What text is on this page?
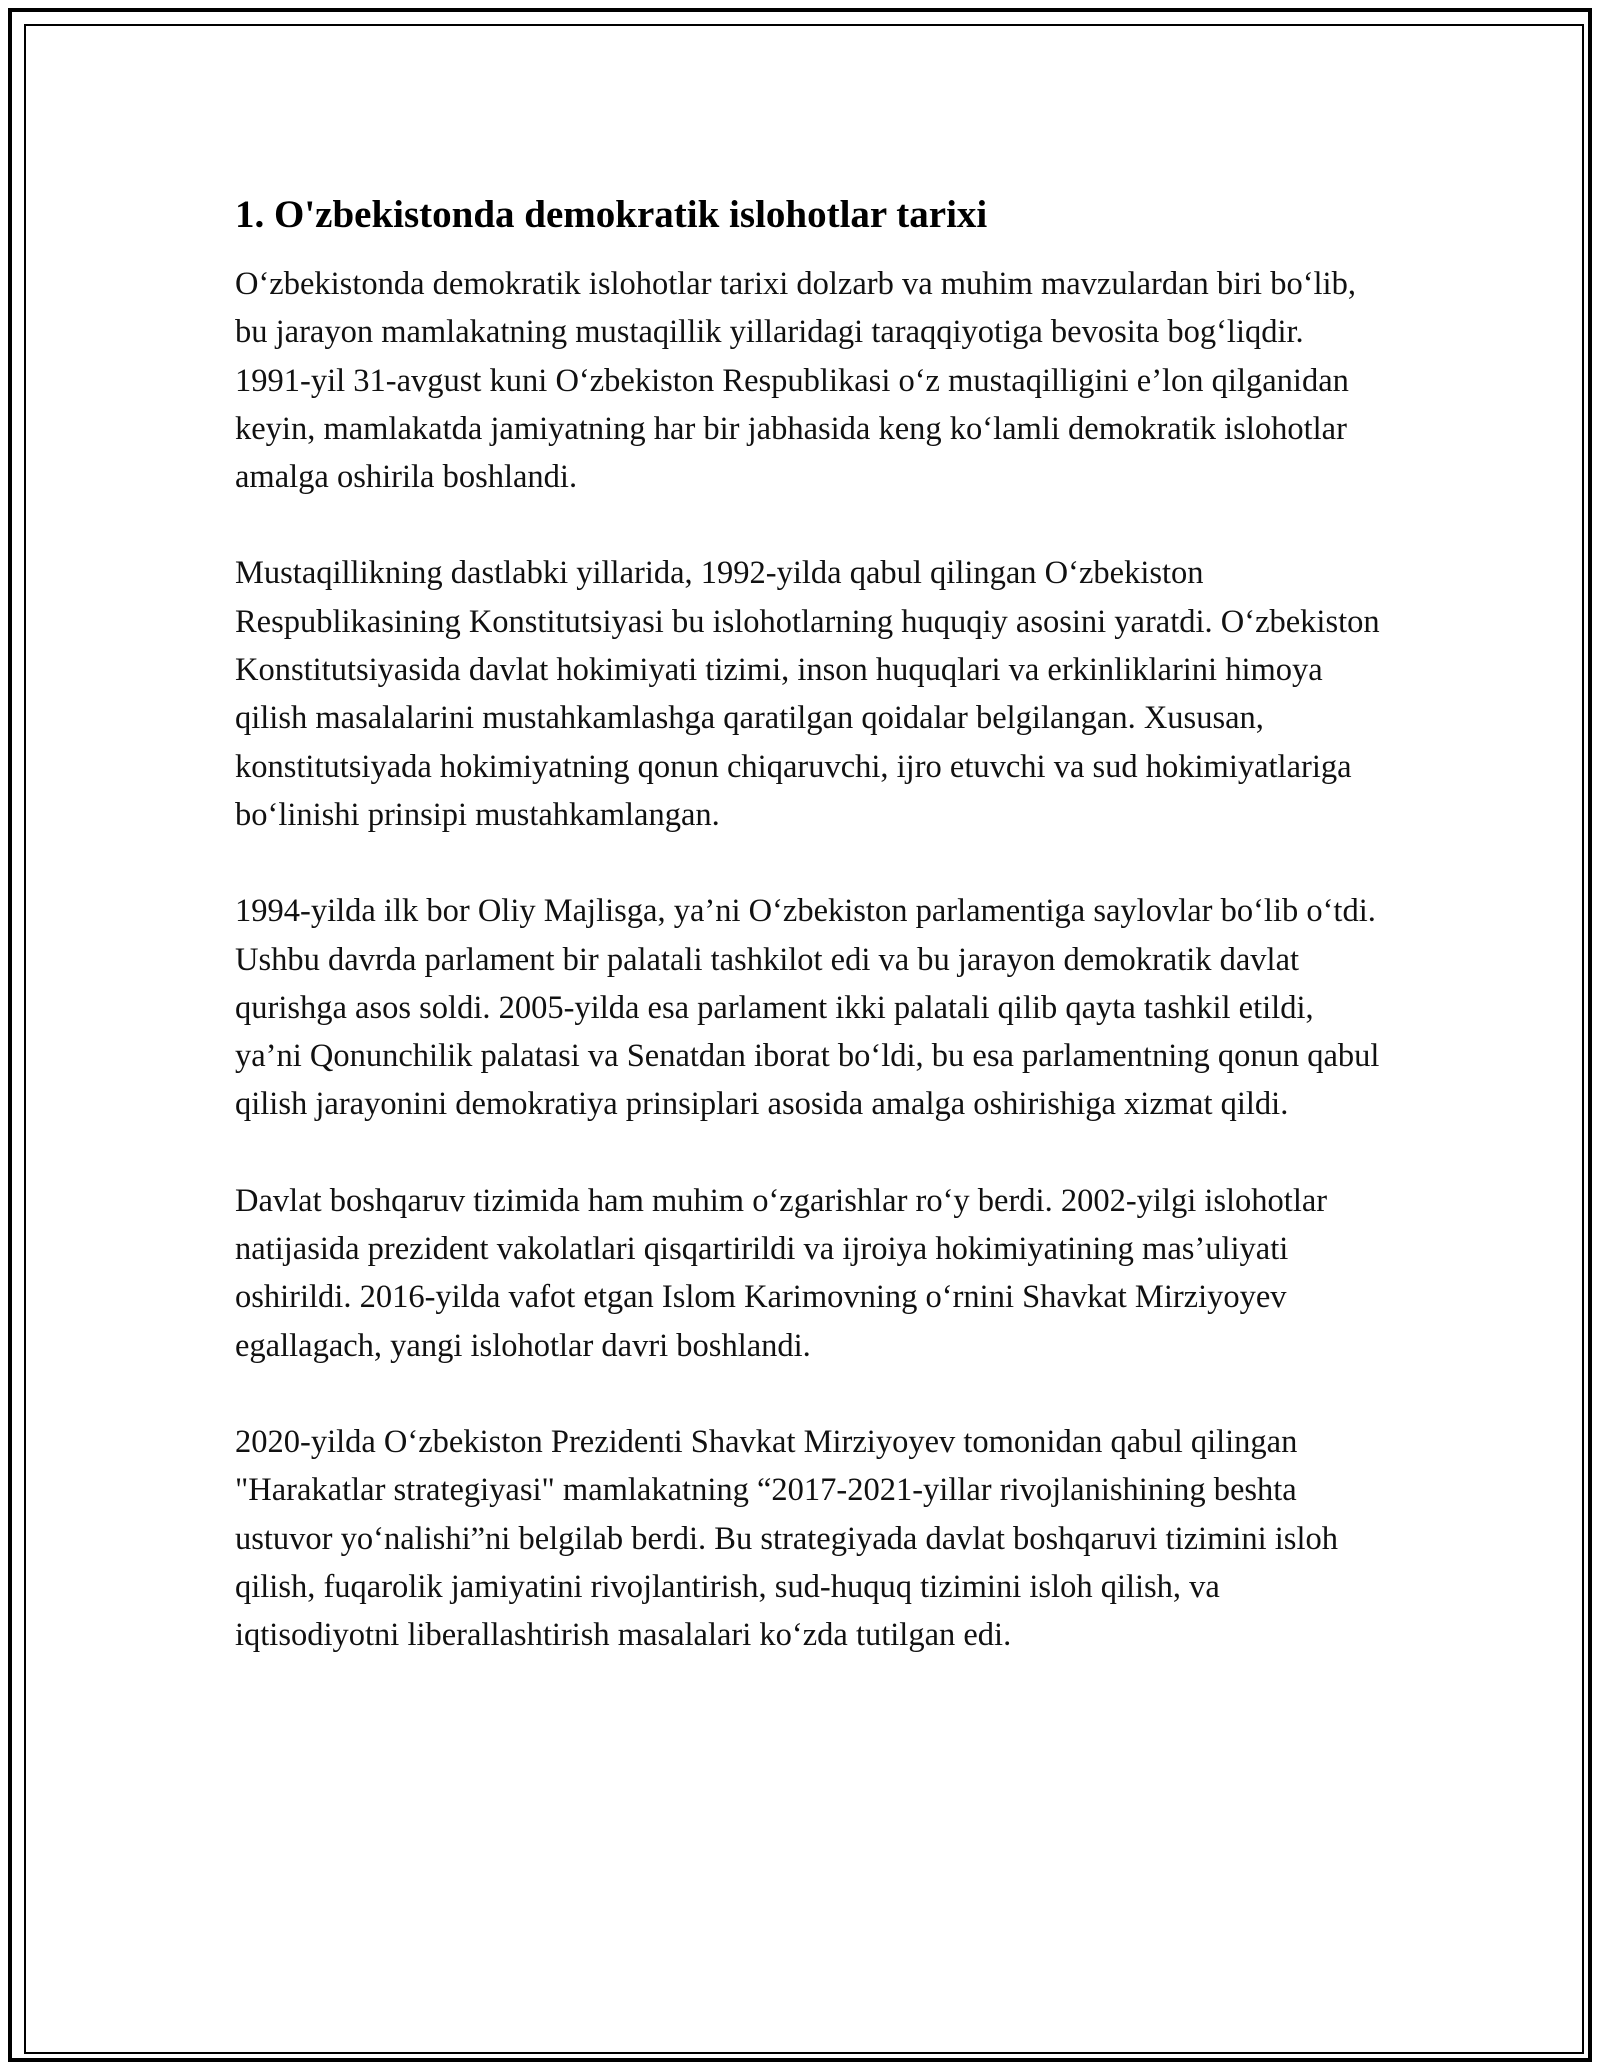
1. O'zbekistonda demokratik islohotlar tarixi

O‘zbekistonda demokratik islohotlar tarixi dolzarb va muhim mavzulardan biri bo‘lib, bu jarayon mamlakatning mustaqillik yillaridagi taraqqiyotiga bevosita bog‘liqdir. 1991-yil 31-avgust kuni O‘zbekiston Respublikasi o‘z mustaqilligini e’lon qilganidan keyin, mamlakatda jamiyatning har bir jabhasida keng ko‘lamli demokratik islohotlar amalga oshirila boshlandi.

Mustaqillikning dastlabki yillarida, 1992-yilda qabul qilingan O‘zbekiston Respublikasining Konstitutsiyasi bu islohotlarning huquqiy asosini yaratdi. O‘zbekiston Konstitutsiyasida davlat hokimiyati tizimi, inson huquqlari va erkinliklarini himoya qilish masalalarini mustahkamlashga qaratilgan qoidalar belgilangan. Xususan, konstitutsiyada hokimiyatning qonun chiqaruvchi, ijro etuvchi va sud hokimiyatlariga bo‘linishi prinsipi mustahkamlangan.

1994-yilda ilk bor Oliy Majlisga, ya’ni O‘zbekiston parlamentiga saylovlar bo‘lib o‘tdi. Ushbu davrda parlament bir palatali tashkilot edi va bu jarayon demokratik davlat qurishga asos soldi. 2005-yilda esa parlament ikki palatali qilib qayta tashkil etildi, ya’ni Qonunchilik palatasi va Senatdan iborat bo‘ldi, bu esa parlamentning qonun qabul qilish jarayonini demokratiya prinsiplari asosida amalga oshirishiga xizmat qildi.

Davlat boshqaruv tizimida ham muhim o‘zgarishlar ro‘y berdi. 2002-yilgi islohotlar natijasida prezident vakolatlari qisqartirildi va ijroiya hokimiyatining mas’uliyati oshirildi. 2016-yilda vafot etgan Islom Karimovning o‘rnini Shavkat Mirziyoyev egallagach, yangi islohotlar davri boshlandi.

2020-yilda O‘zbekiston Prezidenti Shavkat Mirziyoyev tomonidan qabul qilingan "Harakatlar strategiyasi" mamlakatning “2017-2021-yillar rivojlanishining beshta ustuvor yo‘nalishi”ni belgilab berdi. Bu strategiyada davlat boshqaruvi tizimini isloh qilish, fuqarolik jamiyatini rivojlantirish, sud-huquq tizimini isloh qilish, va iqtisodiyotni liberallashtirish masalalari ko‘zda tutilgan edi.
